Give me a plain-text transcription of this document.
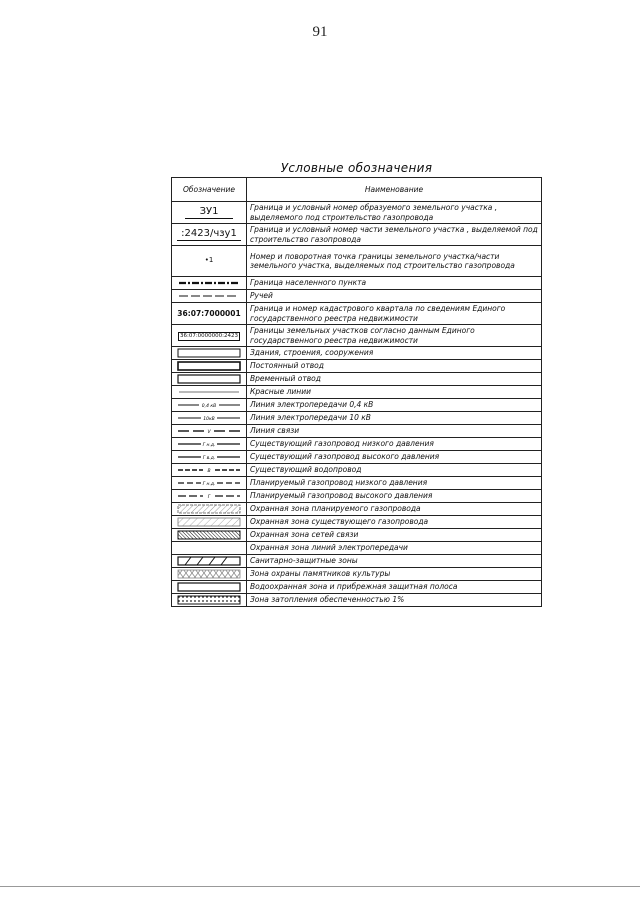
91
Условные обозначения
Обозначение	Наименование

ЗУ1	Граница и условный номер образуемого земельного участка , выделяемого под строительство газопровода

:2423/чзу1	Граница и условный номер части земельного участка , выделяемой под строительство газопровода

•1	Номер и поворотная точка границы земельного участка/части земельного участка, выделяемых под строительство газопровода

	Граница населенного пункта

	Ручей

36:07:7000001	Граница и номер кадастрового квартала по сведениям Единого государственного реестра недвижимости
36:07:0000000:2423	Границы земельных участков согласно данным Единого государственного реестра недвижимости

	Здания, строения, сооружения

	Постоянный отвод

	Временный отвод

	Красные линии

0,4 кВ	Линия электропередачи 0,4 кВ

10кВ	Линия электропередачи 10 кВ

V	Линия связи

Г н.д.	Существующий газопровод низкого давления

Г в.д.	Существующий газопровод высокого давления

В	Существующий водопровод

Г н.д.	Планируемый газопровод низкого давления

Г	Планируемый газопровод высокого давления

	Охранная зона планируемого газопровода

	Охранная зона существующего газопровода

	Охранная зона сетей связи
	Охранная зона линий электропередачи

	Санитарно-защитные зоны

	Зона охраны памятников культуры

	Водоохранная зона и прибрежная защитная полоса

	Зона затопления обеспеченностью 1%
